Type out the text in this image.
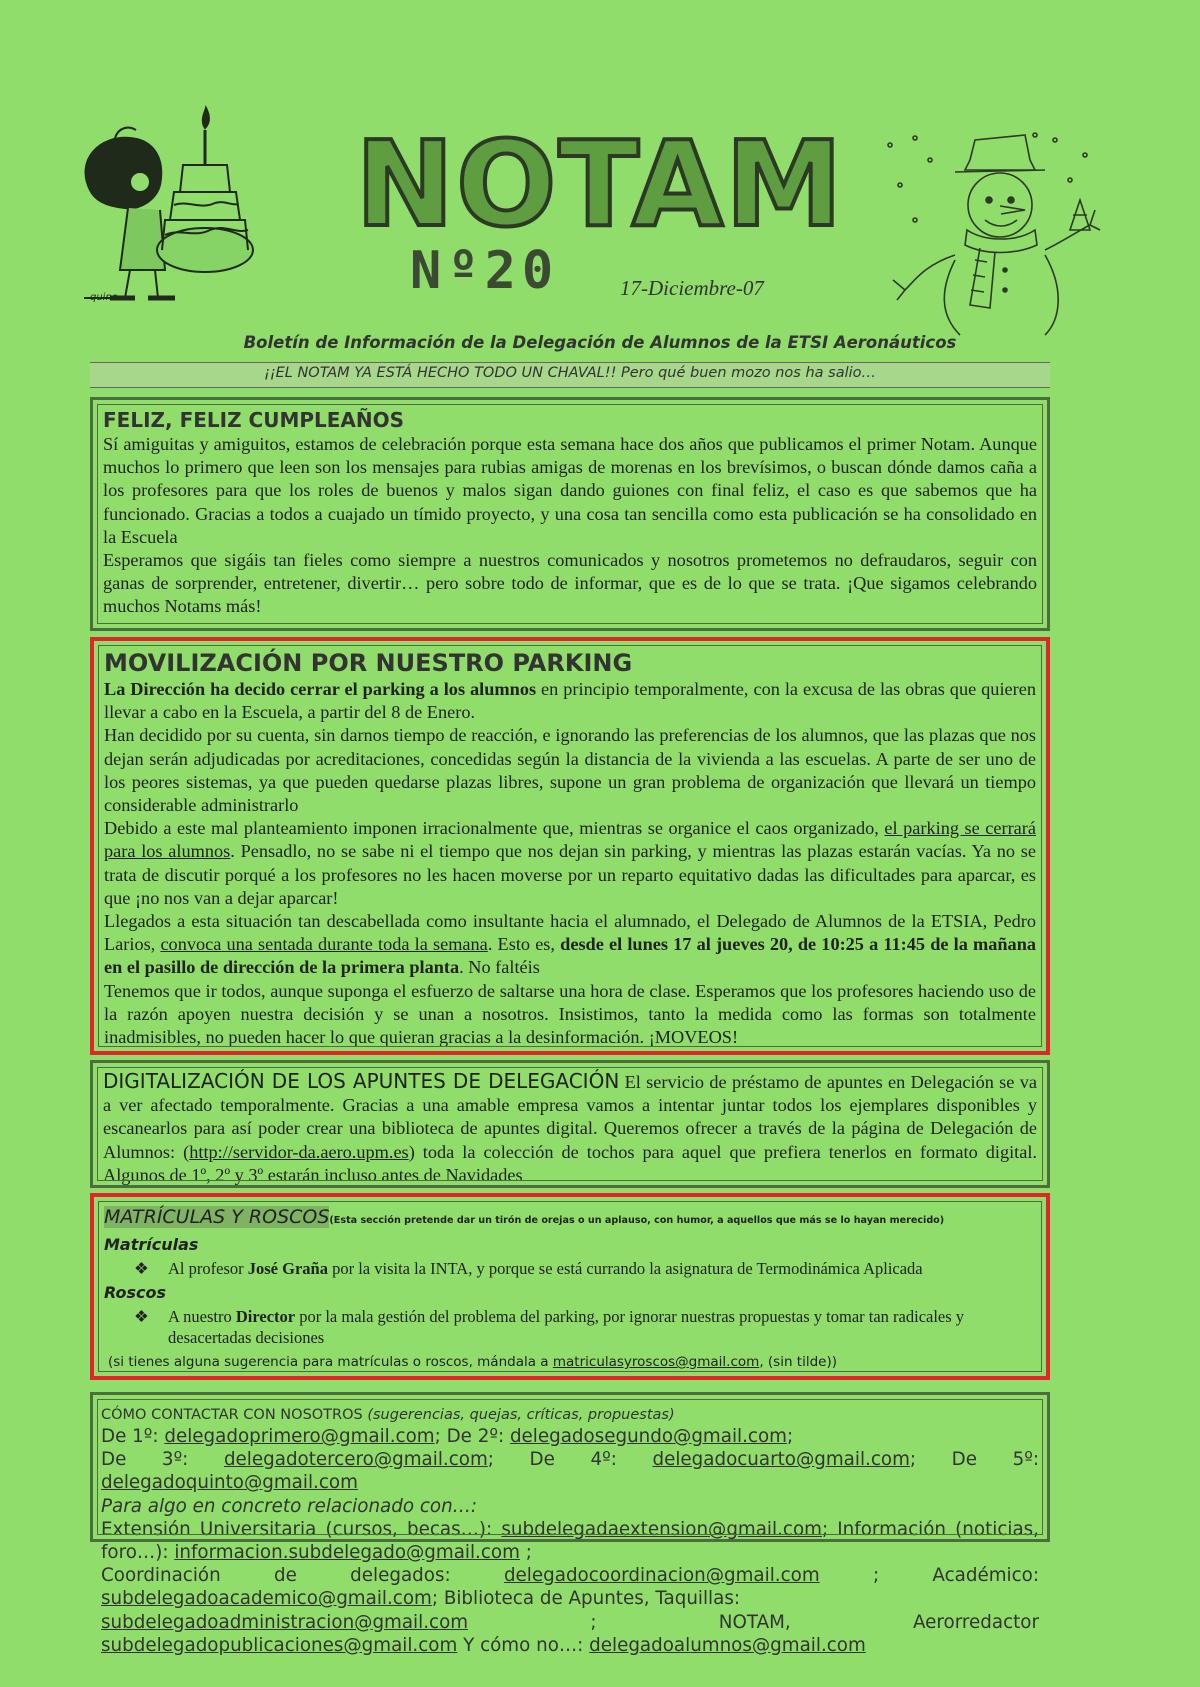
quino
NOTAM
Nº20	17-Diciembre-07
Boletín de Información de la Delegación de Alumnos de la ETSI Aeronáuticos
¡¡EL NOTAM YA ESTÁ HECHO TODO UN CHAVAL!! Pero qué buen mozo nos ha salio…
FELIZ, FELIZ CUMPLEAÑOS

Sí amiguitas y amiguitos, estamos de celebración porque esta semana hace dos años que publicamos el primer Notam. Aunque muchos lo primero que leen son los mensajes para rubias amigas de morenas en los brevísimos, o buscan dónde damos caña a los profesores para que los roles de buenos y malos sigan dando guiones con final feliz, el caso es que sabemos que ha funcionado. Gracias a todos a cuajado un tímido proyecto, y una cosa tan sencilla como esta publicación se ha consolidado en la Escuela

Esperamos que sigáis tan fieles como siempre a nuestros comunicados y nosotros prometemos no defraudaros, seguir con ganas de sorprender, entretener, divertir… pero sobre todo de informar, que es de lo que se trata. ¡Que sigamos celebrando muchos Notams más!

MOVILIZACIÓN POR NUESTRO PARKING

La Dirección ha decido cerrar el parking a los alumnos en principio temporalmente, con la excusa de las obras que quieren llevar a cabo en la Escuela, a partir del 8 de Enero.

Han decidido por su cuenta, sin darnos tiempo de reacción, e ignorando las preferencias de los alumnos, que las plazas que nos dejan serán adjudicadas por acreditaciones, concedidas según la distancia de la vivienda a las escuelas. A parte de ser uno de los peores sistemas, ya que pueden quedarse plazas libres, supone un gran problema de organización que llevará un tiempo considerable administrarlo

Debido a este mal planteamiento imponen irracionalmente que, mientras se organice el caos organizado, el parking se cerrará para los alumnos. Pensadlo, no se sabe ni el tiempo que nos dejan sin parking, y mientras las plazas estarán vacías. Ya no se trata de discutir porqué a los profesores no les hacen moverse por un reparto equitativo dadas las dificultades para aparcar, es que ¡no nos van a dejar aparcar!

Llegados a esta situación tan descabellada como insultante hacia el alumnado, el Delegado de Alumnos de la ETSIA, Pedro Larios, convoca una sentada durante toda la semana. Esto es, desde el lunes 17 al jueves 20, de 10:25 a 11:45 de la mañana en el pasillo de dirección de la primera planta. No faltéis

Tenemos que ir todos, aunque suponga el esfuerzo de saltarse una hora de clase. Esperamos que los profesores haciendo uso de la razón apoyen nuestra decisión y se unan a nosotros. Insistimos, tanto la medida como las formas son totalmente inadmisibles, no pueden hacer lo que quieran gracias a la desinformación. ¡MOVEOS!

DIGITALIZACIÓN DE LOS APUNTES DE DELEGACIÓN El servicio de préstamo de apuntes en Delegación se va a ver afectado temporalmente. Gracias a una amable empresa vamos a intentar juntar todos los ejemplares disponibles y escanearlos para así poder crear una biblioteca de apuntes digital. Queremos ofrecer a través de la página de Delegación de Alumnos: (http://servidor-da.aero.upm.es) toda la colección de tochos para aquel que prefiera tenerlos en formato digital. Algunos de 1º, 2º y 3º estarán incluso antes de Navidades

MATRÍCULAS Y ROSCOS(Esta sección pretende dar un tirón de orejas o un aplauso, con humor, a aquellos que más se lo hayan merecido)
Matrículas
❖	Al profesor José Graña por la visita la INTA, y porque se está currando la asignatura de Termodinámica Aplicada
Roscos
❖	A nuestro Director por la mala gestión del problema del parking, por ignorar nuestras propuestas y tomar tan radicales y desacertadas decisiones
(si tienes alguna sugerencia para matrículas o roscos, mándala a matriculasyroscos@gmail.com, (sin tilde))

CÓMO CONTACTAR CON NOSOTROS (sugerencias, quejas, críticas, propuestas)

De 1º: delegadoprimero@gmail.com; De 2º: delegadosegundo@gmail.com;

De 3º: delegadotercero@gmail.com; De 4º: delegadocuarto@gmail.com; De 5º: delegadoquinto@gmail.com

Para algo en concreto relacionado con…:

Extensión Universitaria (cursos, becas…): subdelegadaextension@gmail.com; Información (noticias, foro…): informacion.subdelegado@gmail.com ;

Coordinación de delegados: delegadocoordinacion@gmail.com ; Académico: subdelegadoacademico@gmail.com; Biblioteca de Apuntes, Taquillas:

subdelegadoadministracion@gmail.com ; NOTAM, Aerorredactor subdelegadopublicaciones@gmail.com Y cómo no…: delegadoalumnos@gmail.com
